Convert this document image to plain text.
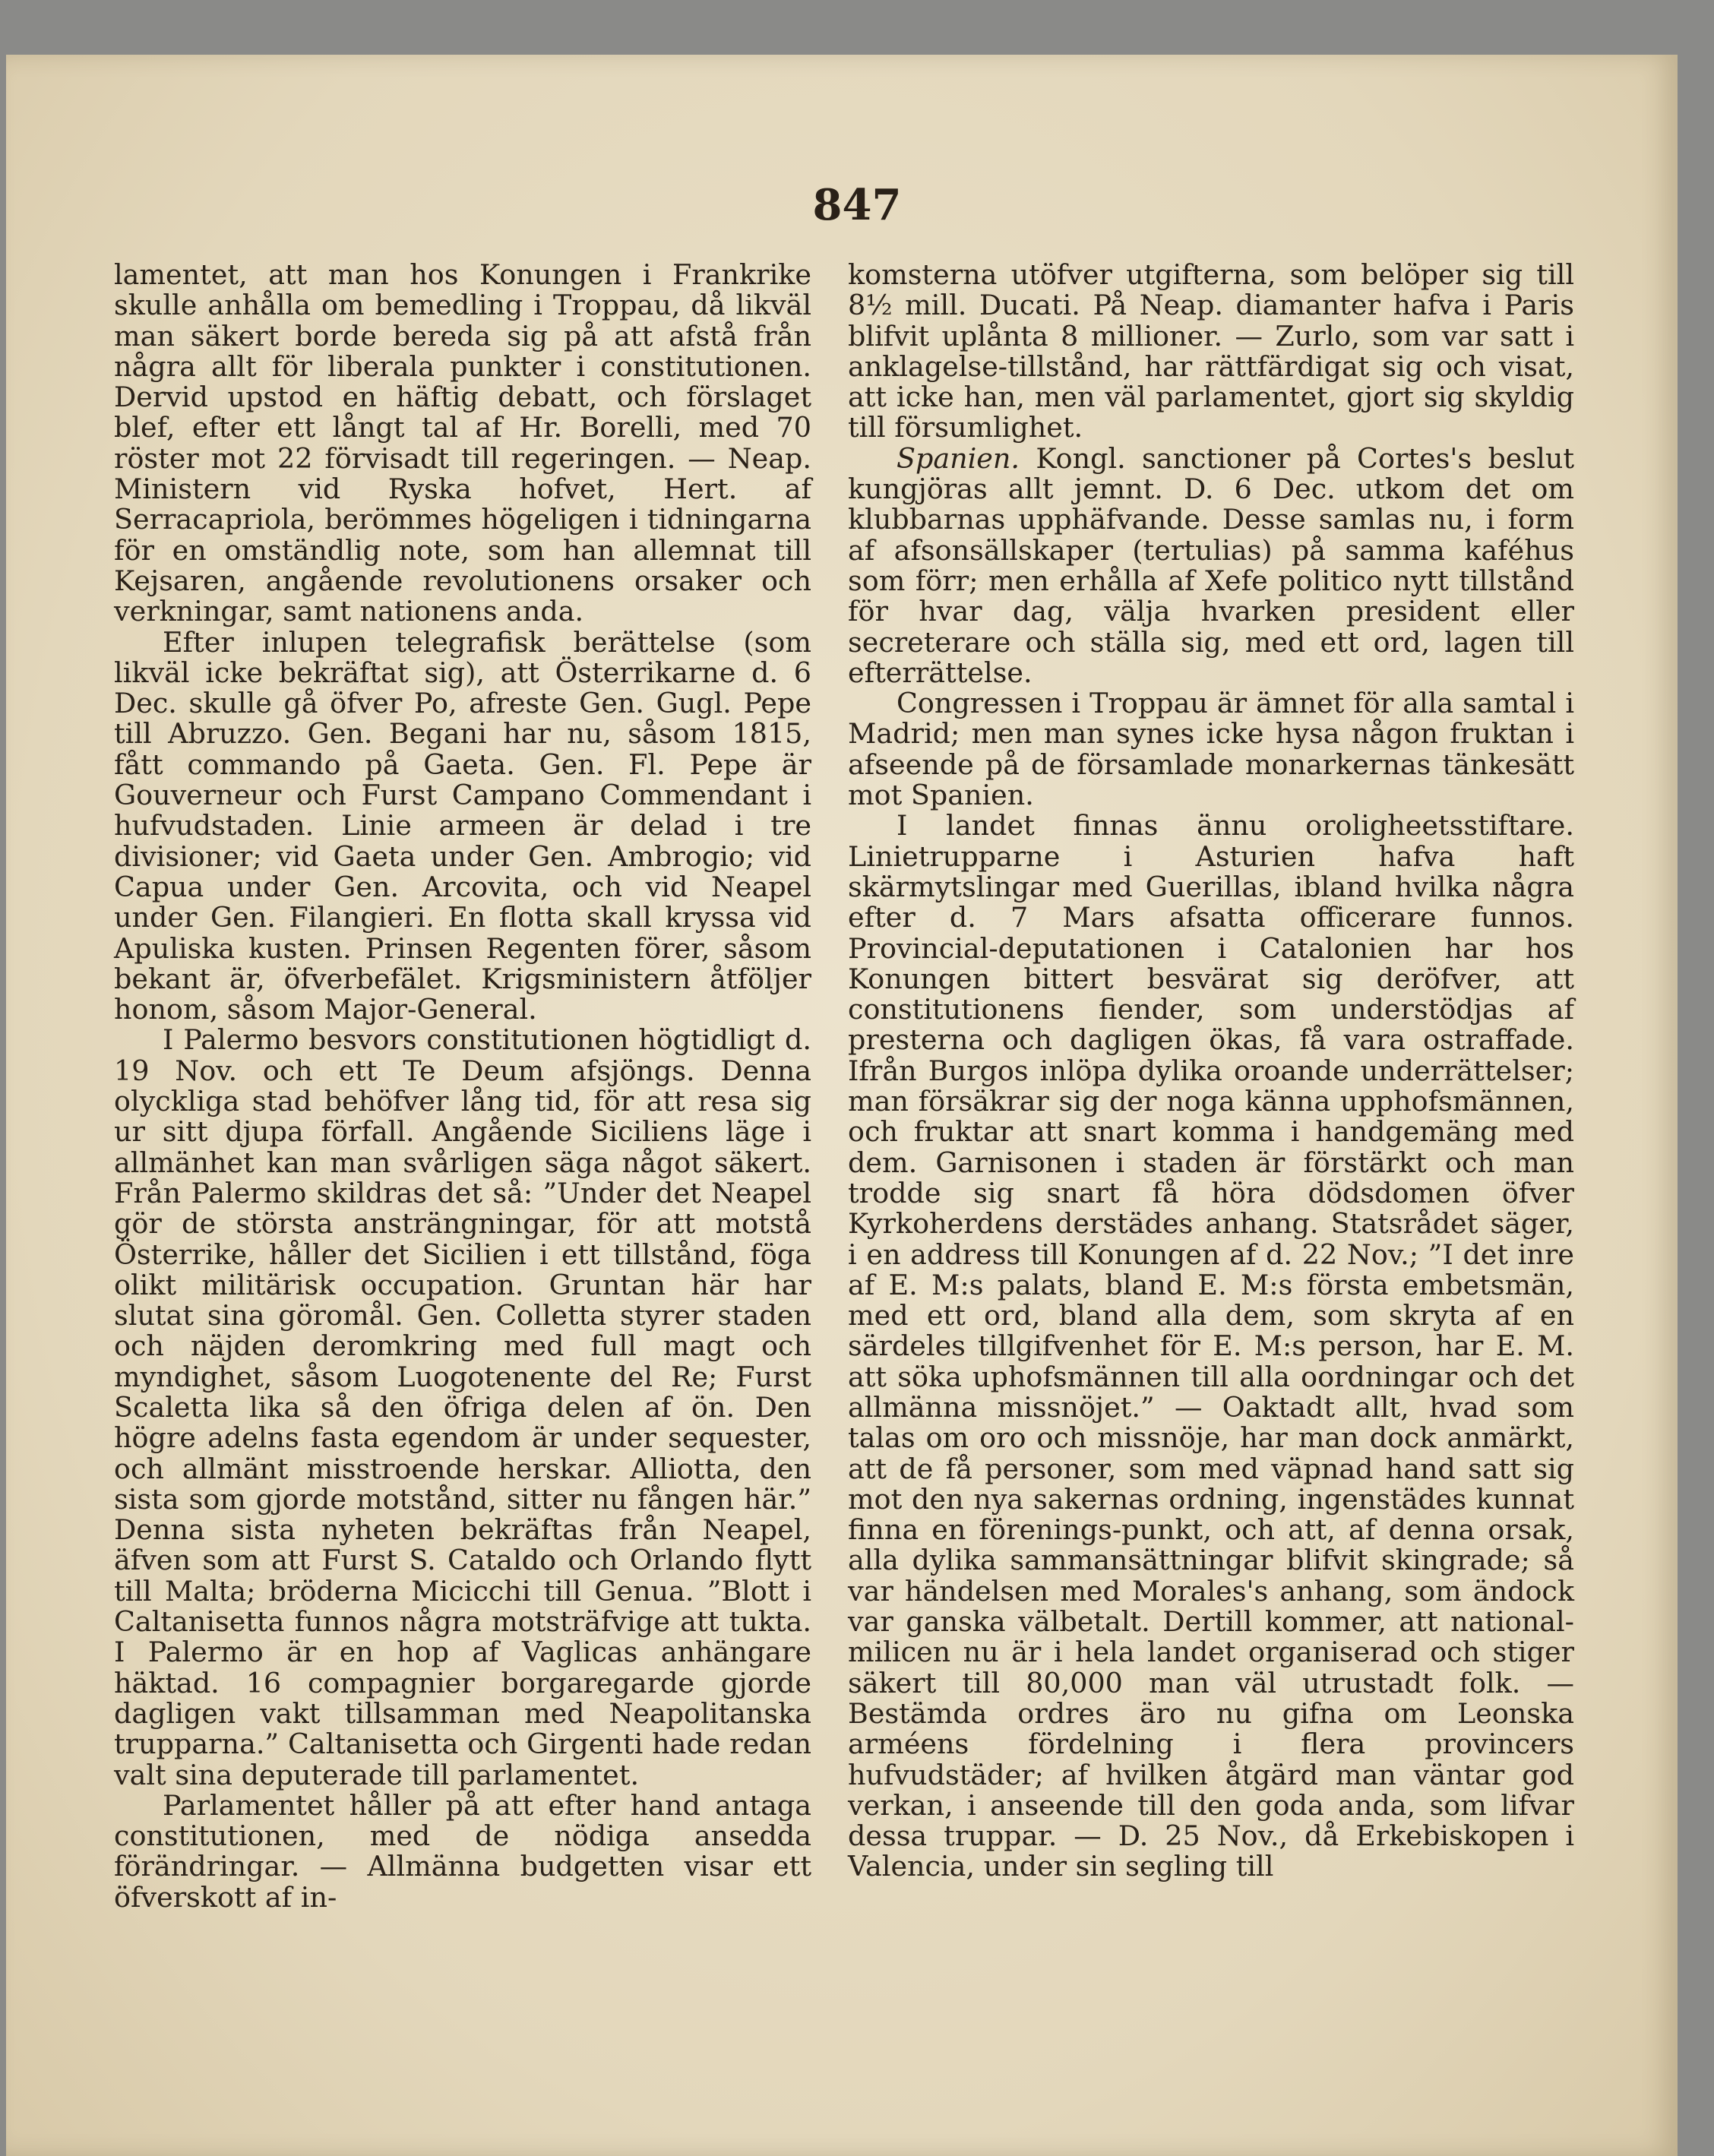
847

lamentet, att man hos Konungen i Frankrike skulle anhålla om bemedling i Troppau, då likväl man säkert borde bereda sig på att afstå från några allt för liberala punkter i constitutionen. Dervid upstod en häftig debatt, och förslaget blef, efter ett långt tal af Hr. Borelli, med 70 röster mot 22 förvisadt till regeringen. — Neap. Ministern vid Ryska hofvet, Hert. af Serracapriola, berömmes högeligen i tidningarna för en omständlig note, som han allemnat till Kejsaren, angående revolutionens orsaker och verkningar, samt nationens anda.

Efter inlupen telegrafisk berättelse (som likväl icke bekräftat sig), att Österrikarne d. 6 Dec. skulle gå öfver Po, afreste Gen. Gugl. Pepe till Abruzzo. Gen. Begani har nu, såsom 1815, fått commando på Gaeta. Gen. Fl. Pepe är Gouverneur och Furst Campano Commendant i hufvudstaden. Linie armeen är delad i tre divisioner; vid Gaeta under Gen. Ambrogio; vid Capua under Gen. Arcovita, och vid Neapel under Gen. Filangieri. En flotta skall kryssa vid Apuliska kusten. Prinsen Regenten förer, såsom bekant är, öfverbefälet. Krigsministern åtföljer honom, såsom Major-General.

I Palermo besvors constitutionen högtidligt d. 19 Nov. och ett Te Deum afsjöngs. Denna olyckliga stad behöfver lång tid, för att resa sig ur sitt djupa förfall. Angående Siciliens läge i allmänhet kan man svårligen säga något säkert. Från Palermo skildras det så: ”Under det Neapel gör de största ansträngningar, för att motstå Österrike, håller det Sicilien i ett tillstånd, föga olikt militärisk occupation. Gruntan här har slutat sina göromål. Gen. Colletta styrer staden och näjden deromkring med full magt och myndighet, såsom Luogotenente del Re; Furst Scaletta lika så den öfriga delen af ön. Den högre adelns fasta egendom är under sequester, och allmänt misstroende herskar. Alliotta, den sista som gjorde motstånd, sitter nu fången här.” Denna sista nyheten bekräftas från Neapel, äfven som att Furst S. Cataldo och Orlando flytt till Malta; bröderna Micicchi till Genua. ”Blott i Caltanisetta funnos några motsträfvige att tukta. I Palermo är en hop af Vaglicas anhängare häktad. 16 compagnier borgaregarde gjorde dagligen vakt tillsamman med Neapolitanska trupparna.” Caltanisetta och Girgenti hade redan valt sina deputerade till parlamentet.

Parlamentet håller på att efter hand antaga constitutionen, med de nödiga ansedda förändringar. — Allmänna budgetten visar ett öfverskott af in-

komsterna utöfver utgifterna, som belöper sig till 8½ mill. Ducati. På Neap. diamanter hafva i Paris blifvit uplånta 8 millioner. — Zurlo, som var satt i anklagelse-tillstånd, har rättfärdigat sig och visat, att icke han, men väl parlamentet, gjort sig skyldig till försumlighet.

Spanien. Kongl. sanctioner på Cortes's beslut kungjöras allt jemnt. D. 6 Dec. utkom det om klubbarnas upphäfvande. Desse samlas nu, i form af afsonsällskaper (tertulias) på samma kaféhus som förr; men erhålla af Xefe politico nytt tillstånd för hvar dag, välja hvarken president eller secreterare och ställa sig, med ett ord, lagen till efterrättelse.

Congressen i Troppau är ämnet för alla samtal i Madrid; men man synes icke hysa någon fruktan i afseende på de församlade monarkernas tänkesätt mot Spanien.

I landet finnas ännu oroligheetsstiftare. Linietrupparne i Asturien hafva haft skärmytslingar med Guerillas, ibland hvilka några efter d. 7 Mars afsatta officerare funnos. Provincial-deputationen i Catalonien har hos Konungen bittert besvärat sig deröfver, att constitutionens fiender, som understödjas af presterna och dagligen ökas, få vara ostraffade. Ifrån Burgos inlöpa dylika oroande underrättelser; man försäkrar sig der noga känna upphofsmännen, och fruktar att snart komma i handgemäng med dem. Garnisonen i staden är förstärkt och man trodde sig snart få höra dödsdomen öfver Kyrkoherdens derstädes anhang. Statsrådet säger, i en address till Konungen af d. 22 Nov.; ”I det inre af E. M:s palats, bland E. M:s första embetsmän, med ett ord, bland alla dem, som skryta af en särdeles tillgifvenhet för E. M:s person, har E. M. att söka uphofsmännen till alla oordningar och det allmänna missnöjet.” — Oaktadt allt, hvad som talas om oro och missnöje, har man dock anmärkt, att de få personer, som med väpnad hand satt sig mot den nya sakernas ordning, ingenstädes kunnat finna en förenings-punkt, och att, af denna orsak, alla dylika sammansättningar blifvit skingrade; så var händelsen med Morales's anhang, som ändock var ganska välbetalt. Dertill kommer, att national-milicen nu är i hela landet organiserad och stiger säkert till 80,000 man väl utrustadt folk. — Bestämda ordres äro nu gifna om Leonska arméens fördelning i flera provincers hufvudstäder; af hvilken åtgärd man väntar god verkan, i anseende till den goda anda, som lifvar dessa truppar. — D. 25 Nov., då Erkebiskopen i Valencia, under sin segling till
